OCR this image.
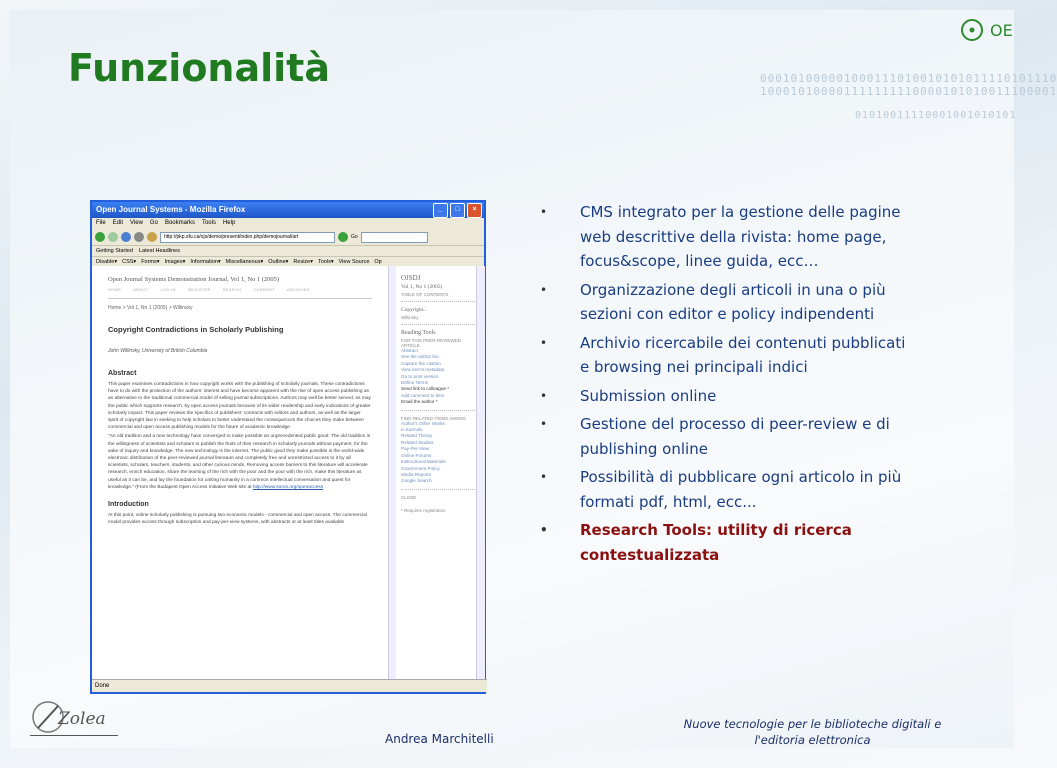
000101000001000111010010101011110101110
100010100001111111110000101010011100001
01010011110001001010101
OE
Funzionalità
Open Journal Systems - Mozilla Firefox	_	□	×
File Edit View Go Bookmarks Tools Help
http://pkp.sfu.ca/ojs/demo/present/index.php/demojournal/art	Go
Getting Started Latest Headlines
Disable▾ CSS▾ Forms▾ Images▾ Information▾ Miscellaneous▾ Outline▾ Resize▾ Tools▾ View Source Op
Open Journal Systems Demonstration Journal, Vol 1, No 1 (2005)
HOME	ABOUT	LOG IN	REGISTER	SEARCH	CURRENT	ARCHIVES
Home > Vol 1, No 1 (2005) > Willinsky
Copyright Contradictions in Scholarly Publishing
John Willinsky, University of British Columbia
Abstract
This paper examines contradictions in how copyright works with the publishing of scholarly journals. These contradictions have to do with the protection of the authors' interest and have become apparent with the rise of open access publishing as an alternative to the traditional commercial model of selling journal subscriptions. Authors may well be better served, as may the public which supports research, by open access journals because of its wider readership and early indications of greater scholarly impact. This paper reviews the specifics of publishers' contracts with editors and authors, as well as the larger spirit of copyright law in seeking to help scholars to better understand the consequences the choices they make between commercial and open access publishing models for the future of academic knowledge.
"An old tradition and a new technology have converged to make possible an unprecedented public good. The old tradition is the willingness of scientists and scholars to publish the fruits of their research in scholarly journals without payment, for the sake of inquiry and knowledge. The new technology is the internet. The public good they make possible is the world-wide electronic distribution of the peer-reviewed journal literature and completely free and unrestricted access to it by all scientists, scholars, teachers, students, and other curious minds. Removing access barriers to this literature will accelerate research, enrich education, share the learning of the rich with the poor and the poor with the rich, make this literature as useful as it can be, and lay the foundation for uniting humanity in a common intellectual conversation and quest for knowledge." (From the Budapest Open Access Initiative Web site at http://www.soros.org/openaccess
Introduction
At this point, online scholarly publishing is pursuing two economic models - commercial and open access. The commercial model provides access through subscription and pay-per-view systems, with abstracts or at least titles available
OJSDJ
Vol 1, No 1 (2005)
TABLE OF CONTENTS
Copyright...
Willinsky
Reading Tools
FOR THIS PEER-REVIEWED ARTICLE
Abstract
See the author bio
Capture the citation
View item's metadata
Go to print version
Define Terms
Send link to colleague *
Add comment to item
Email the author *
FIND RELATED ITEMS AMONG
Author's Other Works
e-Journals
Related Theory
Related Studies
Pay-Per-View
Online Forums
Instructional Materials
Government Policy
Media Reports
Google Search
CLOSE
* Requires registration
Done
• CMS integrato per la gestione delle pagine web descrittive della rivista: home page, focus&scope, linee guida, ecc…
• Organizzazione degli articoli in una o più sezioni con editor e policy indipendenti
• Archivio ricercabile dei contenuti pubblicati e browsing nei principali indici
• Submission online
• Gestione del processo di peer-review e di publishing online
• Possibilità di pubblicare ogni articolo in più formati pdf, html, ecc...
• Research Tools: utility di ricerca contestualizzata
Zolea
Andrea Marchitelli
Nuove tecnologie per le biblioteche digitali e
l'editoria elettronica
